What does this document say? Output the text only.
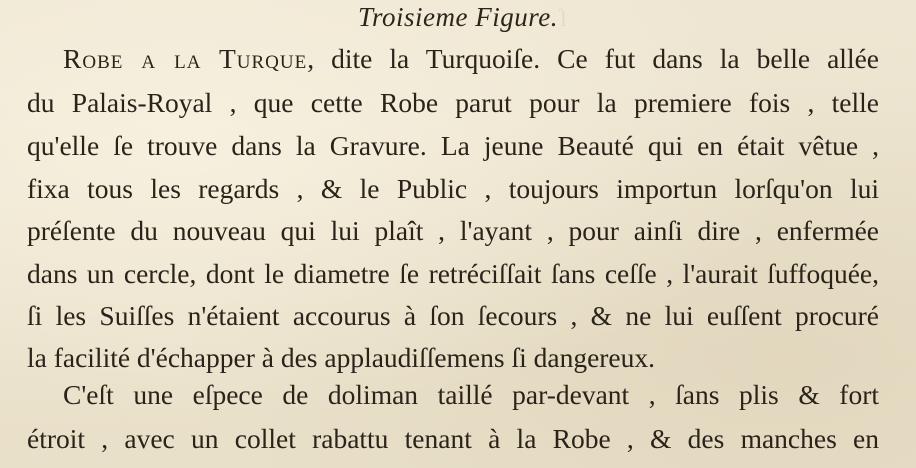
ſ
Troisieme Figure.
Robe a la Turque, dite la Turquoiſe. Ce fut dans la belle allée
du Palais-Royal , que cette Robe parut pour la premiere fois , telle
qu'elle ſe trouve dans la Gravure. La jeune Beauté qui en était vêtue ,
fixa tous les regards , & le Public , toujours importun lorſqu'on lui
préſente du nouveau qui lui plaît , l'ayant , pour ainſi dire , enfermée
dans un cercle, dont le diametre ſe retréciſſait ſans ceſſe , l'aurait ſuffoquée,
ſi les Suiſſes n'étaient accourus à ſon ſecours , & ne lui euſſent procuré
la facilité d'échapper à des applaudiſſemens ſi dangereux.
C'eſt une eſpece de doliman taillé par-devant , ſans plis & fort
étroit , avec un collet rabattu tenant à la Robe , & des manches en
